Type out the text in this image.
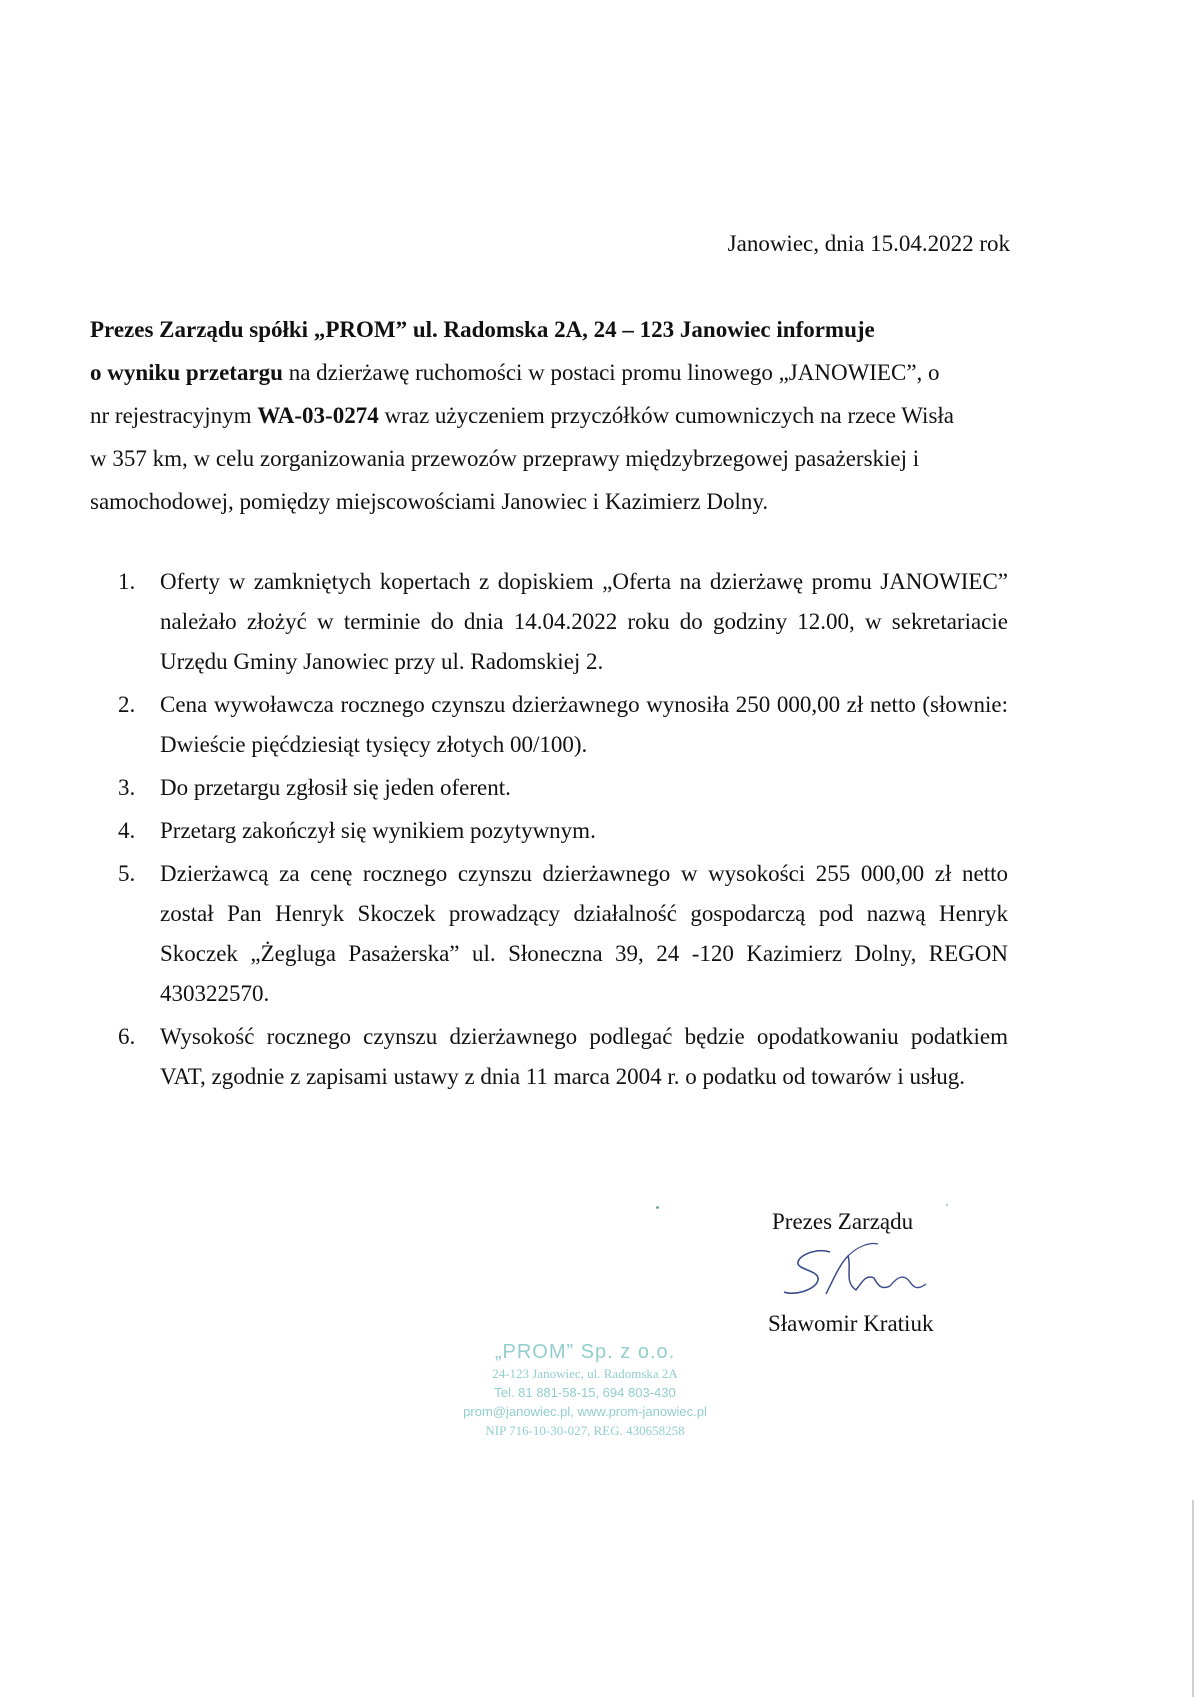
Janowiec, dnia 15.04.2022 rok

Prezes Zarządu spółki „PROM” ul. Radomska 2A, 24 – 123 Janowiec informuje

o wyniku przetargu na dzierżawę ruchomości w postaci promu linowego „JANOWIEC”, o

nr rejestracyjnym WA-03-0274 wraz użyczeniem przyczółków cumowniczych na rzece Wisła

w 357 km, w celu zorganizowania przewozów przeprawy międzybrzegowej pasażerskiej i

samochodowej, pomiędzy miejscowościami Janowiec i Kazimierz Dolny.

1.	Oferty w zamkniętych kopertach z dopiskiem „Oferta na dzierżawę promu JANOWIEC” należało złożyć w terminie do dnia 14.04.2022 roku do godziny 12.00, w sekretariacie Urzędu Gminy Janowiec przy ul. Radomskiej 2.
2.	Cena wywoławcza rocznego czynszu dzierżawnego wynosiła 250 000,00 zł netto (słownie: Dwieście pięćdziesiąt tysięcy złotych 00/100).
3.	Do przetargu zgłosił się jeden oferent.
4.	Przetarg zakończył się wynikiem pozytywnym.
5.	Dzierżawcą za cenę rocznego czynszu dzierżawnego w wysokości 255 000,00 zł netto został Pan Henryk Skoczek prowadzący działalność gospodarczą pod nazwą Henryk Skoczek „Żegluga Pasażerska” ul. Słoneczna 39, 24 -120 Kazimierz Dolny, REGON 430322570.
6.	Wysokość rocznego czynszu dzierżawnego podlegać będzie opodatkowaniu podatkiem VAT, zgodnie z zapisami ustawy z dnia 11 marca 2004 r. o podatku od towarów i usług.

Prezes Zarządu

Sławomir Kratiuk

„PROM” Sp. z o.o.
24-123 Janowiec, ul. Radomska 2A
Tel. 81 881-58-15, 694 803-430
prom@janowiec.pl, www.prom-janowiec.pl
NIP 716-10-30-027, REG. 430658258
